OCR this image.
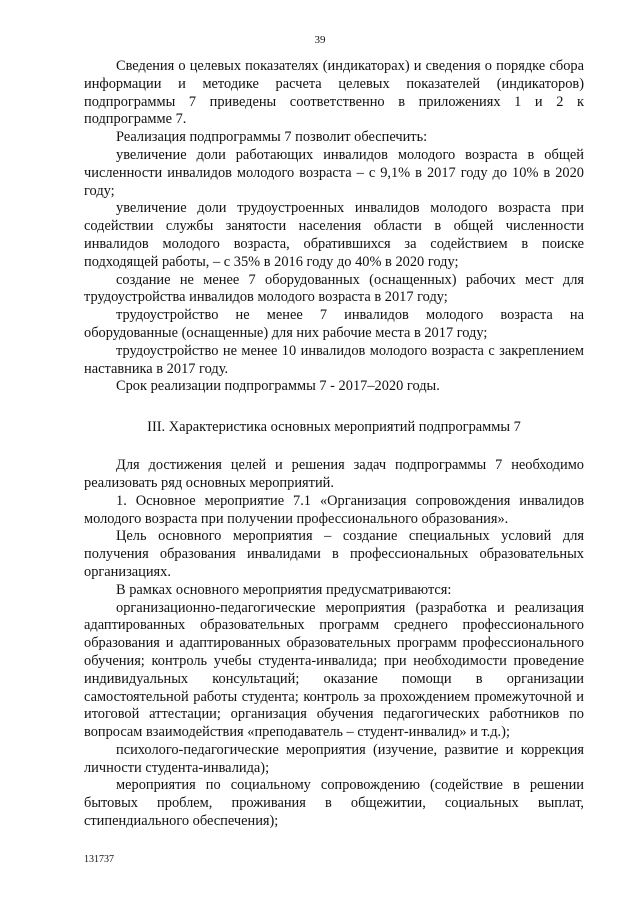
39

Сведения о целевых показателях (индикаторах) и сведения о порядке сбора информации и методике расчета целевых показателей (индикаторов) подпрограммы 7 приведены соответственно в приложениях 1 и 2 к подпрограмме 7.

Реализация подпрограммы 7 позволит обеспечить:

увеличение доли работающих инвалидов молодого возраста в общей численности инвалидов молодого возраста – с 9,1% в 2017 году до 10% в 2020 году;

увеличение доли трудоустроенных инвалидов молодого возраста при содействии службы занятости населения области в общей численности инвалидов молодого возраста, обратившихся за содействием в поиске подходящей работы, – с 35% в 2016 году до 40% в 2020 году;

создание не менее 7 оборудованных (оснащенных) рабочих мест для трудоустройства инвалидов молодого возраста в 2017 году;

трудоустройство не менее 7 инвалидов молодого возраста на оборудованные (оснащенные) для них рабочие места в 2017 году;

трудоустройство не менее 10 инвалидов молодого возраста с закреплением наставника в 2017 году.

Срок реализации подпрограммы 7 - 2017–2020 годы.

III. Характеристика основных мероприятий подпрограммы 7

Для достижения целей и решения задач подпрограммы 7 необходимо реализовать ряд основных мероприятий.

1. Основное мероприятие 7.1 «Организация сопровождения инвалидов молодого возраста при получении профессионального образования».

Цель основного мероприятия – создание специальных условий для получения образования инвалидами в профессиональных образовательных организациях.

В рамках основного мероприятия предусматриваются:

организационно-педагогические мероприятия (разработка и реализация адаптированных образовательных программ среднего профессионального образования и адаптированных образовательных программ профессионального обучения; контроль учебы студента-инвалида; при необходимости проведение индивидуальных консультаций; оказание помощи в организации самостоятельной работы студента; контроль за прохождением промежуточной и итоговой аттестации; организация обучения педагогических работников по вопросам взаимодействия «преподаватель – студент-инвалид» и т.д.);

психолого-педагогические мероприятия (изучение, развитие и коррекция личности студента-инвалида);

мероприятия по социальному сопровождению (содействие в решении бытовых проблем, проживания в общежитии, социальных выплат, стипендиального обеспечения);

131737
